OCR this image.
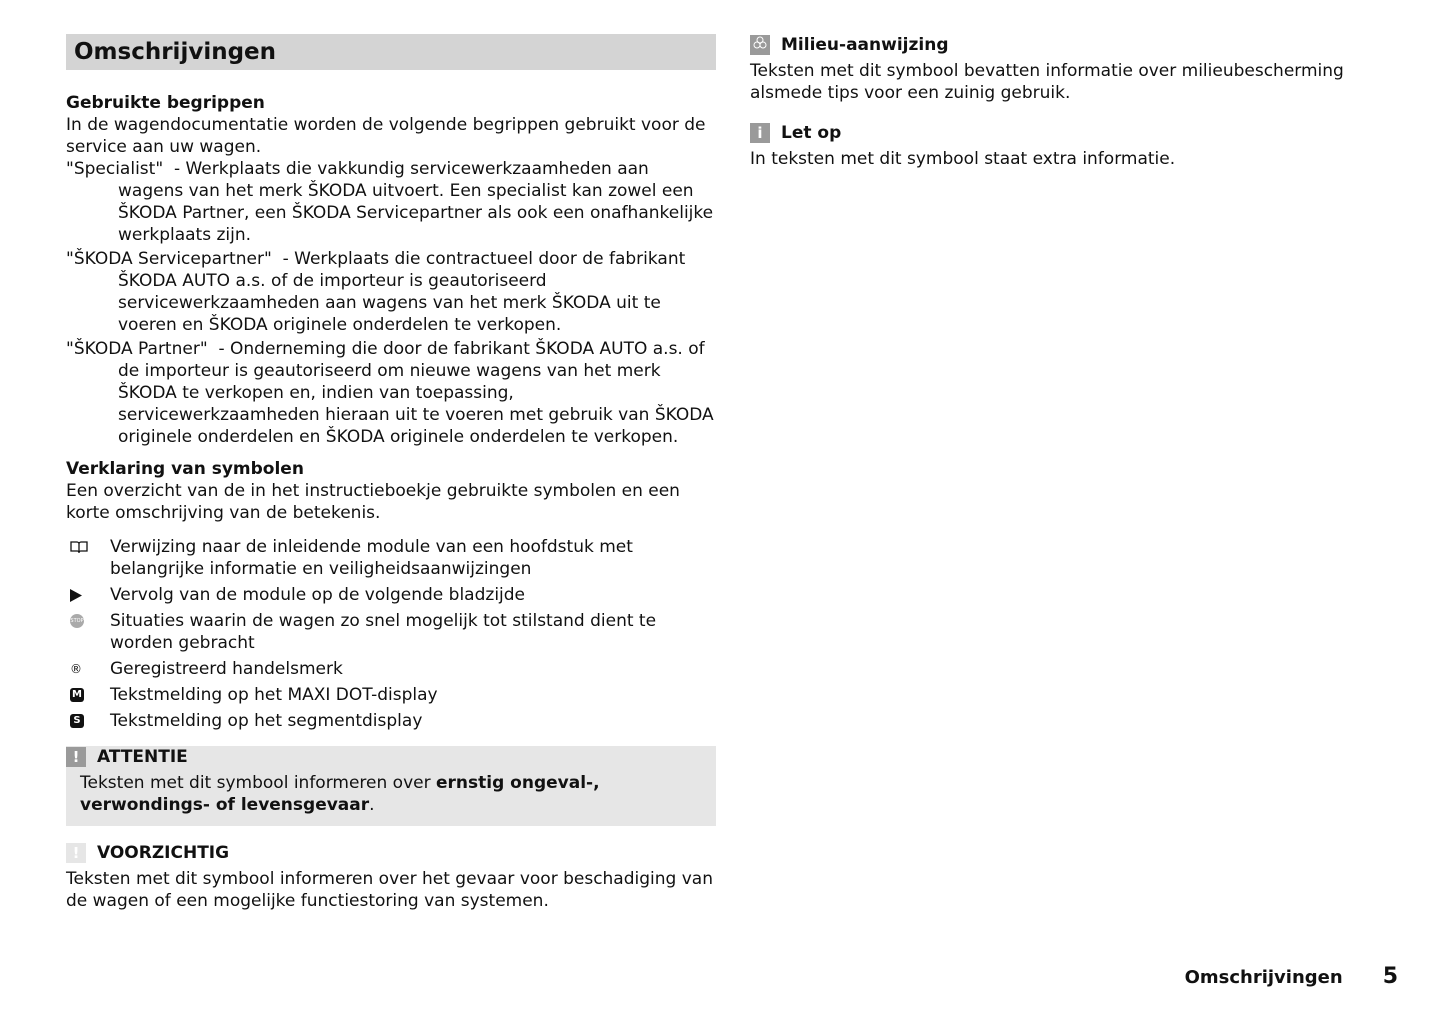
Omschrijvingen
Gebruikte begrippen

In de wagendocumentatie worden de volgende begrippen gebruikt voor de service aan uw wagen.

"Specialist" - Werkplaats die vakkundig servicewerkzaamheden aan wagens van het merk ŠKODA uitvoert. Een specialist kan zowel een ŠKODA Partner, een ŠKODA Servicepartner als ook een onafhankelijke werkplaats zijn.
"ŠKODA Servicepartner" - Werkplaats die contractueel door de fabrikant ŠKODA AUTO a.s. of de importeur is geautoriseerd servicewerkzaamheden aan wagens van het merk ŠKODA uit te voeren en ŠKODA originele onderdelen te verkopen.
"ŠKODA Partner" - Onderneming die door de fabrikant ŠKODA AUTO a.s. of de importeur is geautoriseerd om nieuwe wagens van het merk ŠKODA te verkopen en, indien van toepassing, servicewerkzaamheden hieraan uit te voeren met gebruik van ŠKODA originele onderdelen en ŠKODA originele onderdelen te verkopen.
Verklaring van symbolen

Een overzicht van de in het instructieboekje gebruikte symbolen en een korte omschrijving van de betekenis.

Verwijzing naar de inleidende module van een hoofdstuk met belangrijke informatie en veiligheidsaanwijzingen
Vervolg van de module op de volgende bladzijde
STOP Situaties waarin de wagen zo snel mogelijk tot stilstand dient te worden gebracht
® Geregistreerd handelsmerk
M Tekstmelding op het MAXI DOT-display
S Tekstmelding op het segmentdisplay
!	ATTENTIE

Teksten met dit symbool informeren over ernstig ongeval-, verwondings- of levensgevaar.

!	VOORZICHTIG

Teksten met dit symbool informeren over het gevaar voor beschadiging van de wagen of een mogelijke functiestoring van systemen.

Milieu-aanwijzing

Teksten met dit symbool bevatten informatie over milieubescherming alsmede tips voor een zuinig gebruik.

i	Let op

In teksten met dit symbool staat extra informatie.

Omschrijvingen 5
